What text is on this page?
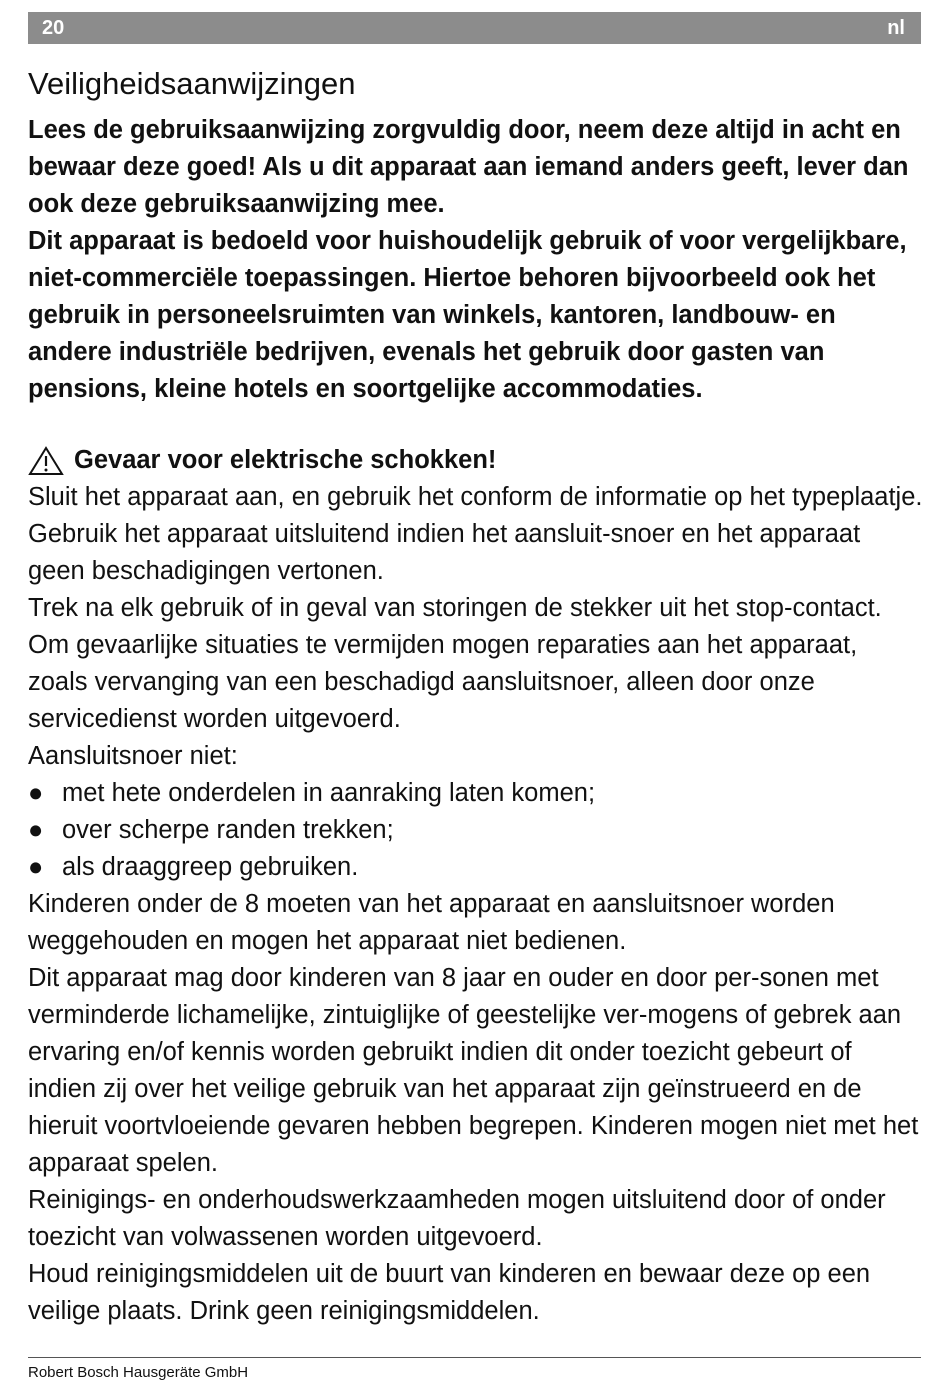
20	nl
Veiligheidsaanwijzingen

Lees de gebruiksaanwijzing zorgvuldig door, neem deze altijd in acht en bewaar deze goed! Als u dit apparaat aan iemand anders geeft, lever dan ook deze gebruiksaanwijzing mee.

Dit apparaat is bedoeld voor huishoudelijk gebruik of voor vergelijkbare, niet-commerciële toepassingen. Hiertoe behoren bijvoorbeeld ook het gebruik in personeelsruimten van winkels, kantoren, landbouw- en andere industriële bedrijven, evenals het gebruik door gasten van pensions, kleine hotels en soortgelijke accommodaties.

Gevaar voor elektrische schokken!

Sluit het apparaat aan, en gebruik het conform de informatie op het typeplaatje. Gebruik het apparaat uitsluitend indien het aansluit-snoer en het apparaat geen beschadigingen vertonen.

Trek na elk gebruik of in geval van storingen de stekker uit het stop-contact. Om gevaarlijke situaties te vermijden mogen reparaties aan het apparaat, zoals vervanging van een beschadigd aansluitsnoer, alleen door onze servicedienst worden uitgevoerd.

Aansluitsnoer niet:

● met hete onderdelen in aanraking laten komen;
● over scherpe randen trekken;
● als draaggreep gebruiken.

Kinderen onder de 8 moeten van het apparaat en aansluitsnoer worden weggehouden en mogen het apparaat niet bedienen.

Dit apparaat mag door kinderen van 8 jaar en ouder en door per-sonen met verminderde lichamelijke, zintuiglijke of geestelijke ver-mogens of gebrek aan ervaring en/of kennis worden gebruikt indien dit onder toezicht gebeurt of indien zij over het veilige gebruik van het apparaat zijn geïnstrueerd en de hieruit voortvloeiende gevaren hebben begrepen. Kinderen mogen niet met het apparaat spelen.

Reinigings- en onderhoudswerkzaamheden mogen uitsluitend door of onder toezicht van volwassenen worden uitgevoerd.

Houd reinigingsmiddelen uit de buurt van kinderen en bewaar deze op een veilige plaats. Drink geen reinigingsmiddelen.

Robert Bosch Hausgeräte GmbH
